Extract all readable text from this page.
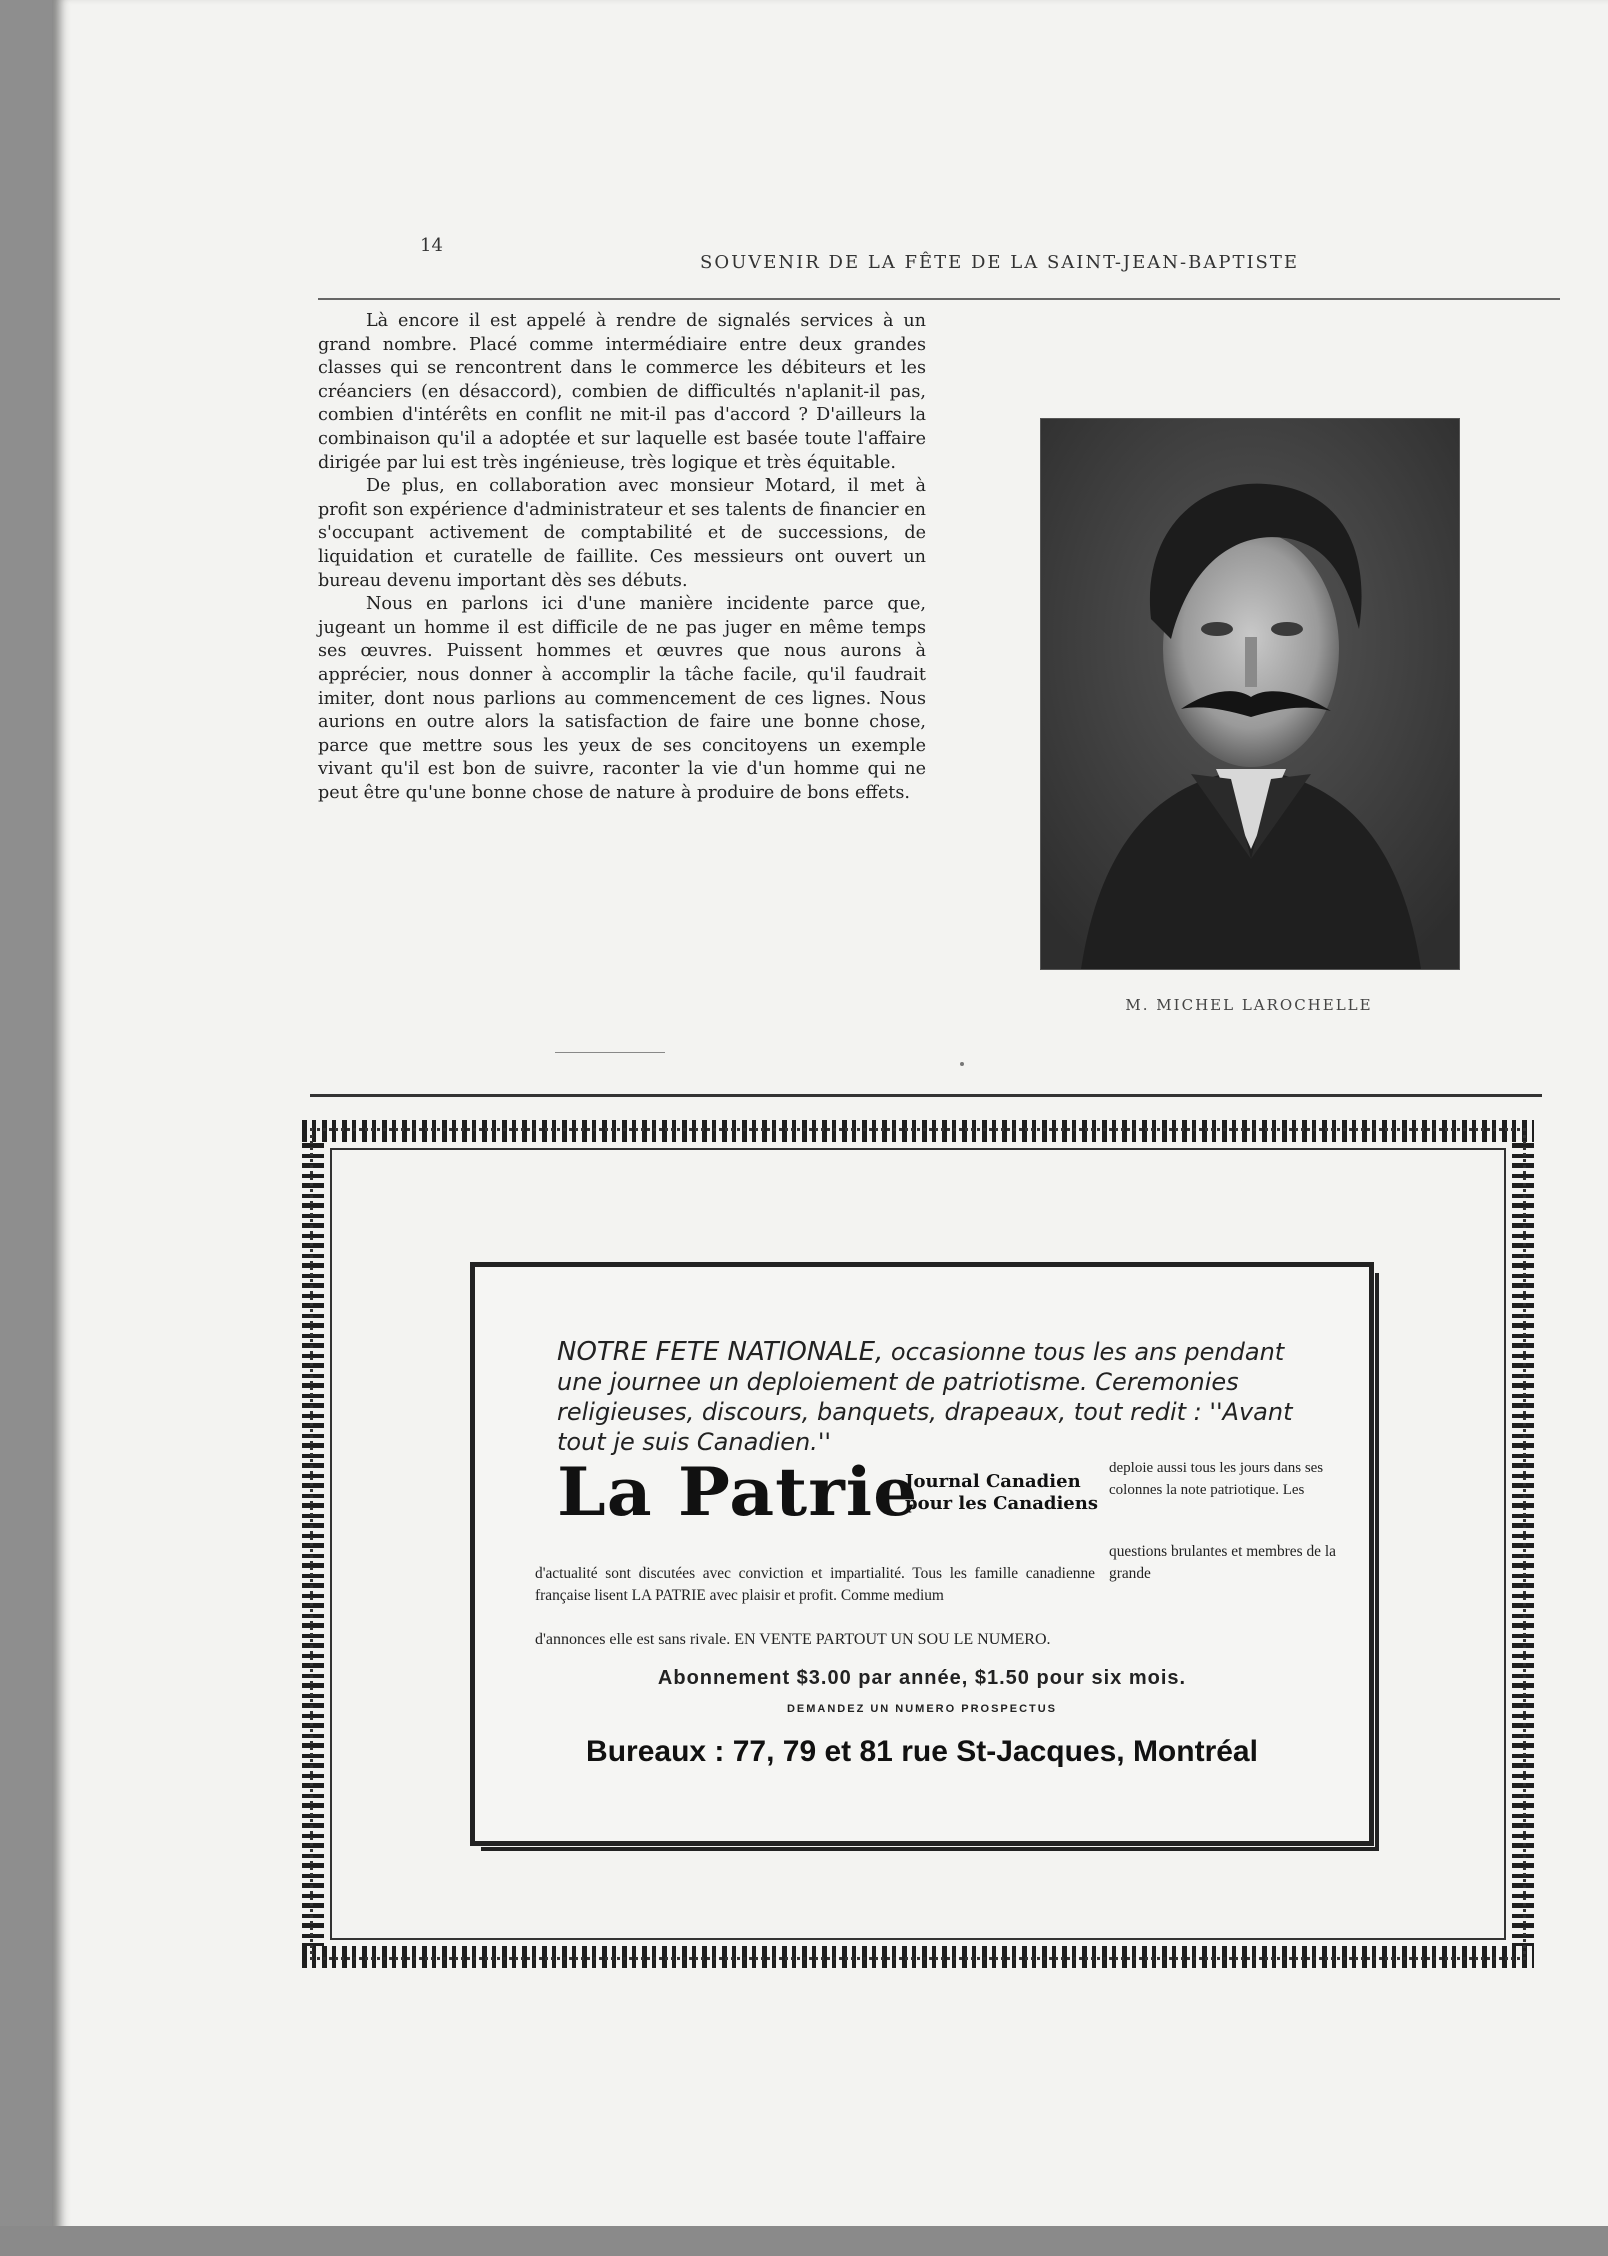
14
SOUVENIR DE LA FÊTE DE LA SAINT-JEAN-BAPTISTE

Là encore il est appelé à rendre de signalés services à un grand nombre. Placé comme intermédiaire entre deux grandes classes qui se rencontrent dans le commerce les débiteurs et les créanciers (en désaccord), combien de difficultés n'aplanit-il pas, combien d'intérêts en conflit ne mit-il pas d'accord ? D'ailleurs la combinaison qu'il a adoptée et sur laquelle est basée toute l'affaire dirigée par lui est très ingénieuse, très logique et très équitable.

De plus, en collaboration avec monsieur Motard, il met à profit son expérience d'administrateur et ses talents de financier en s'occupant activement de comptabilité et de successions, de liquidation et curatelle de faillite. Ces messieurs ont ouvert un bureau devenu important dès ses débuts.

Nous en parlons ici d'une manière incidente parce que, jugeant un homme il est difficile de ne pas juger en même temps ses œuvres. Puissent hommes et œuvres que nous aurons à apprécier, nous donner à accomplir la tâche facile, qu'il faudrait imiter, dont nous parlions au commencement de ces lignes. Nous aurions en outre alors la satisfaction de faire une bonne chose, parce que mettre sous les yeux de ses concitoyens un exemple vivant qu'il est bon de suivre, raconter la vie d'un homme qui ne peut être qu'une bonne chose de nature à produire de bons effets.

M. MICHEL LAROCHELLE
NOTRE FETE NATIONALE, occasionne tous les ans pendant une journee un deploiement de patriotisme. Ceremonies religieuses, discours, banquets, drapeaux, tout redit : ''Avant tout je suis Canadien.''
La Patrie
Journal Canadien
pour les Canadiens
deploie aussi tous les jours dans ses colonnes la note patriotique. Les
questions brulantes et membres de la grande
d'actualité sont discutées avec conviction et impartialité. Tous les famille canadienne française lisent LA PATRIE avec plaisir et profit. Comme medium
d'annonces elle est sans rivale. EN VENTE PARTOUT UN SOU LE NUMERO.
Abonnement $3.00 par année, $1.50 pour six mois.
DEMANDEZ UN NUMERO PROSPECTUS
Bureaux : 77, 79 et 81 rue St-Jacques, Montréal
